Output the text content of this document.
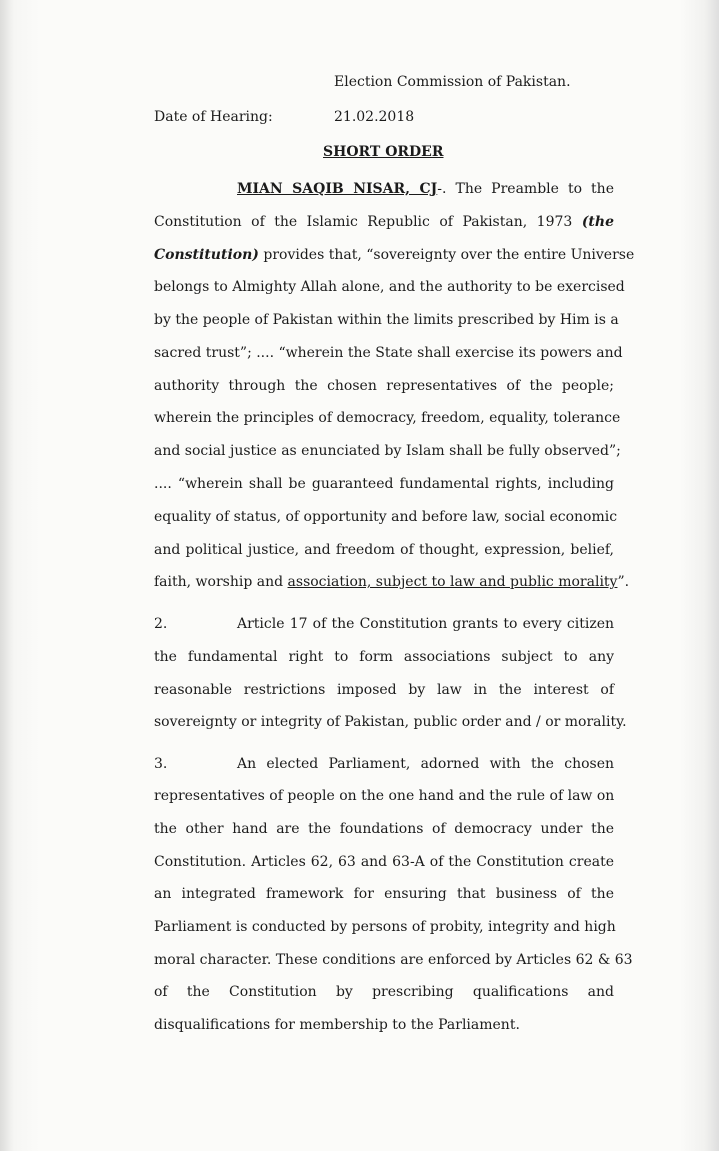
Election Commission of Pakistan.
Date of Hearing:	21.02.2018
SHORT ORDER
MIAN SAQIB NISAR, CJ-. The Preamble to the
Constitution of the Islamic Republic of Pakistan, 1973 (the
Constitution) provides that, “sovereignty over the entire Universe
belongs to Almighty Allah alone, and the authority to be exercised
by the people of Pakistan within the limits prescribed by Him is a
sacred trust”; .... “wherein the State shall exercise its powers and
authority through the chosen representatives of the people;
wherein the principles of democracy, freedom, equality, tolerance
and social justice as enunciated by Islam shall be fully observed”;
.... “wherein shall be guaranteed fundamental rights, including
equality of status, of opportunity and before law, social economic
and political justice, and freedom of thought, expression, belief,
faith, worship and association, subject to law and public morality”.
2.	Article 17 of the Constitution grants to every citizen
the fundamental right to form associations subject to any
reasonable restrictions imposed by law in the interest of
sovereignty or integrity of Pakistan, public order and / or morality.
3.	An elected Parliament, adorned with the chosen
representatives of people on the one hand and the rule of law on
the other hand are the foundations of democracy under the
Constitution. Articles 62, 63 and 63-A of the Constitution create
an integrated framework for ensuring that business of the
Parliament is conducted by persons of probity, integrity and high
moral character. These conditions are enforced by Articles 62 & 63
of the Constitution by prescribing qualifications and
disqualifications for membership to the Parliament.
